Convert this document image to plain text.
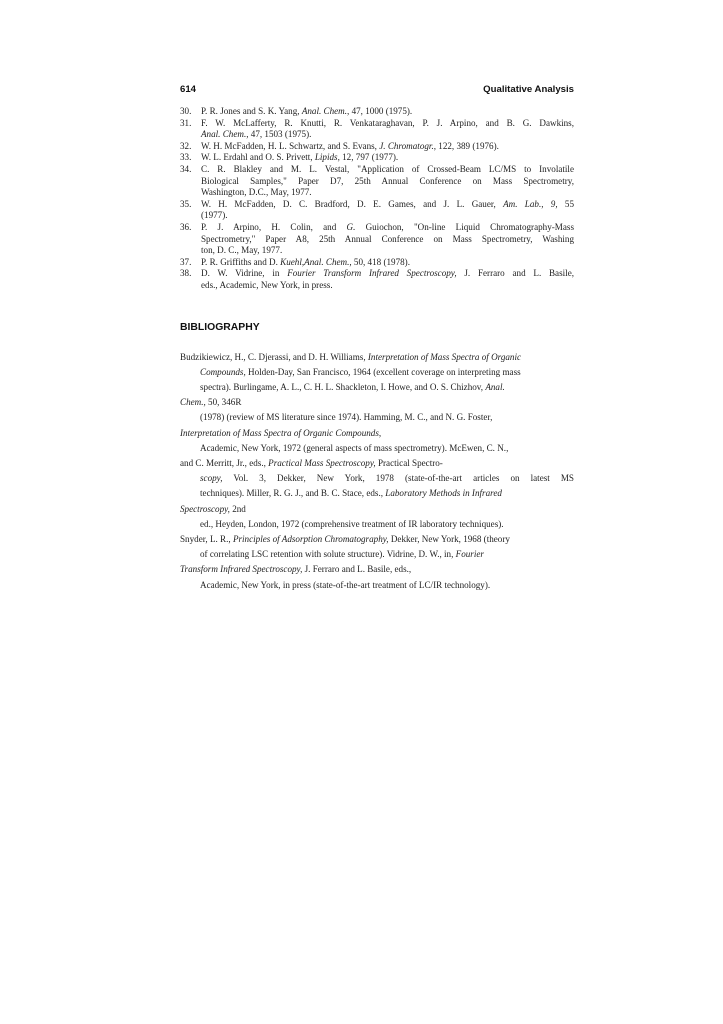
614	Qualitative Analysis
30.	P. R. Jones and S. K. Yang, Anal. Chem., 47, 1000 (1975).
31.	F. W. McLafferty, R. Knutti, R. Venkataraghavan, P. J. Arpino, and B. G. Dawkins,
Anal. Chem., 47, 1503 (1975).
32.	W. H. McFadden, H. L. Schwartz, and S. Evans, J. Chromatogr., 122, 389 (1976).
33.	W. L. Erdahl and O. S. Privett, Lipids, 12, 797 (1977).
34.	C. R. Blakley and M. L. Vestal, "Application of Crossed-Beam LC/MS to Involatile
Biological Samples," Paper D7, 25th Annual Conference on Mass Spectrometry,
Washington, D.C., May, 1977.
35.	W. H. McFadden, D. C. Bradford, D. E. Games, and J. L. Gauer, Am. Lab., 9, 55
(1977).
36.	P. J. Arpino, H. Colin, and G. Guiochon, "On-line Liquid Chromatography-Mass
Spectrometry," Paper A8, 25th Annual Conference on Mass Spectrometry, Washing
ton, D. C., May, 1977.
37.	P. R. Griffiths and D. Kuehl,Anal. Chem., 50, 418 (1978).
38.	D. W. Vidrine, in Fourier Transform Infrared Spectroscopy, J. Ferraro and L. Basile,
eds., Academic, New York, in press.
BIBLIOGRAPHY
Budzikiewicz, H., C. Djerassi, and D. H. Williams, Interpretation of Mass Spectra of Organic
Compounds, Holden-Day, San Francisco, 1964 (excellent coverage on interpreting mass
spectra). Burlingame, A. L., C. H. L. Shackleton, I. Howe, and O. S. Chizhov, Anal.
Chem., 50, 346R
(1978) (review of MS literature since 1974). Hamming, M. C., and N. G. Foster,
Interpretation of Mass Spectra of Organic Compounds,
Academic, New York, 1972 (general aspects of mass spectrometry). McEwen, C. N.,
and C. Merritt, Jr., eds., Practical Mass Spectroscopy, Practical Spectro-
scopy, Vol. 3, Dekker, New York, 1978 (state-of-the-art articles on latest MS
techniques). Miller, R. G. J., and B. C. Stace, eds., Laboratory Methods in Infrared
Spectroscopy, 2nd
ed., Heyden, London, 1972 (comprehensive treatment of IR laboratory techniques).
Snyder, L. R., Principles of Adsorption Chromatography, Dekker, New York, 1968 (theory
of correlating LSC retention with solute structure). Vidrine, D. W., in, Fourier
Transform Infrared Spectroscopy, J. Ferraro and L. Basile, eds.,
Academic, New York, in press (state-of-the-art treatment of LC/IR technology).
